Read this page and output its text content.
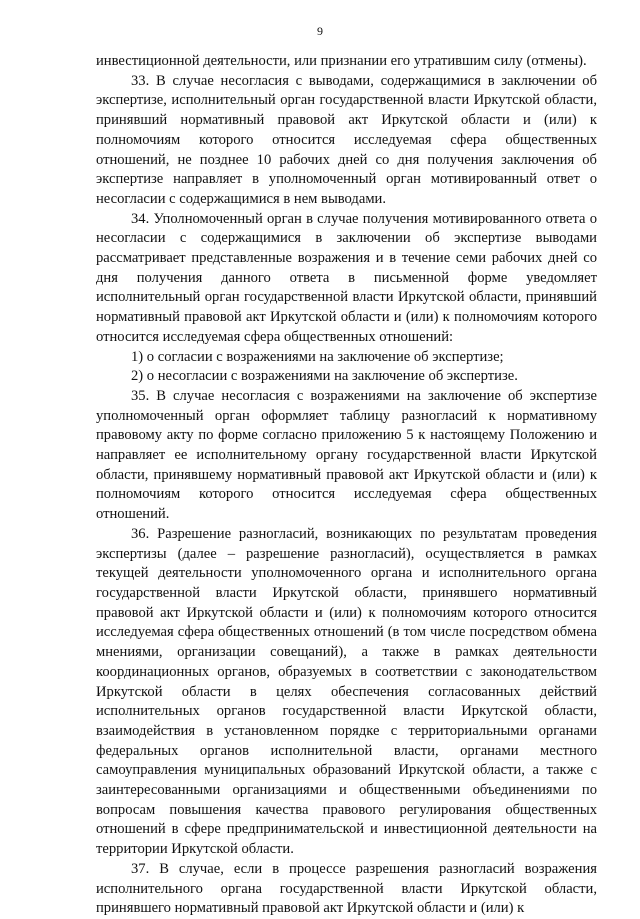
9

инвестиционной деятельности, или признании его утратившим силу (отмены).

33. В случае несогласия с выводами, содержащимися в заключении об экспертизе, исполнительный орган государственной власти Иркутской области, принявший нормативный правовой акт Иркутской области и (или) к полномочиям которого относится исследуемая сфера общественных отношений, не позднее 10 рабочих дней со дня получения заключения об экспертизе направляет в уполномоченный орган мотивированный ответ о несогласии с содержащимися в нем выводами.

34. Уполномоченный орган в случае получения мотивированного ответа о несогласии с содержащимися в заключении об экспертизе выводами рассматривает представленные возражения и в течение семи рабочих дней со дня получения данного ответа в письменной форме уведомляет исполнительный орган государственной власти Иркутской области, принявший нормативный правовой акт Иркутской области и (или) к полномочиям которого относится исследуемая сфера общественных отношений:

1) о согласии с возражениями на заключение об экспертизе;

2) о несогласии с возражениями на заключение об экспертизе.

35. В случае несогласия с возражениями на заключение об экспертизе уполномоченный орган оформляет таблицу разногласий к нормативному правовому акту по форме согласно приложению 5 к настоящему Положению и направляет ее исполнительному органу государственной власти Иркутской области, принявшему нормативный правовой акт Иркутской области и (или) к полномочиям которого относится исследуемая сфера общественных отношений.

36. Разрешение разногласий, возникающих по результатам проведения экспертизы (далее – разрешение разногласий), осуществляется в рамках текущей деятельности уполномоченного органа и исполнительного органа государственной власти Иркутской области, принявшего нормативный правовой акт Иркутской области и (или) к полномочиям которого относится исследуемая сфера общественных отношений (в том числе посредством обмена мнениями, организации совещаний), а также в рамках деятельности координационных органов, образуемых в соответствии с законодательством Иркутской области в целях обеспечения согласованных действий исполнительных органов государственной власти Иркутской области, взаимодействия в установленном порядке с территориальными органами федеральных органов исполнительной власти, органами местного самоуправления муниципальных образований Иркутской области, а также с заинтересованными организациями и общественными объединениями по вопросам повышения качества правового регулирования общественных отношений в сфере предпринимательской и инвестиционной деятельности на территории Иркутской области.

37. В случае, если в процессе разрешения разногласий возражения исполнительного органа государственной власти Иркутской области, принявшего нормативный правовой акт Иркутской области и (или) к
